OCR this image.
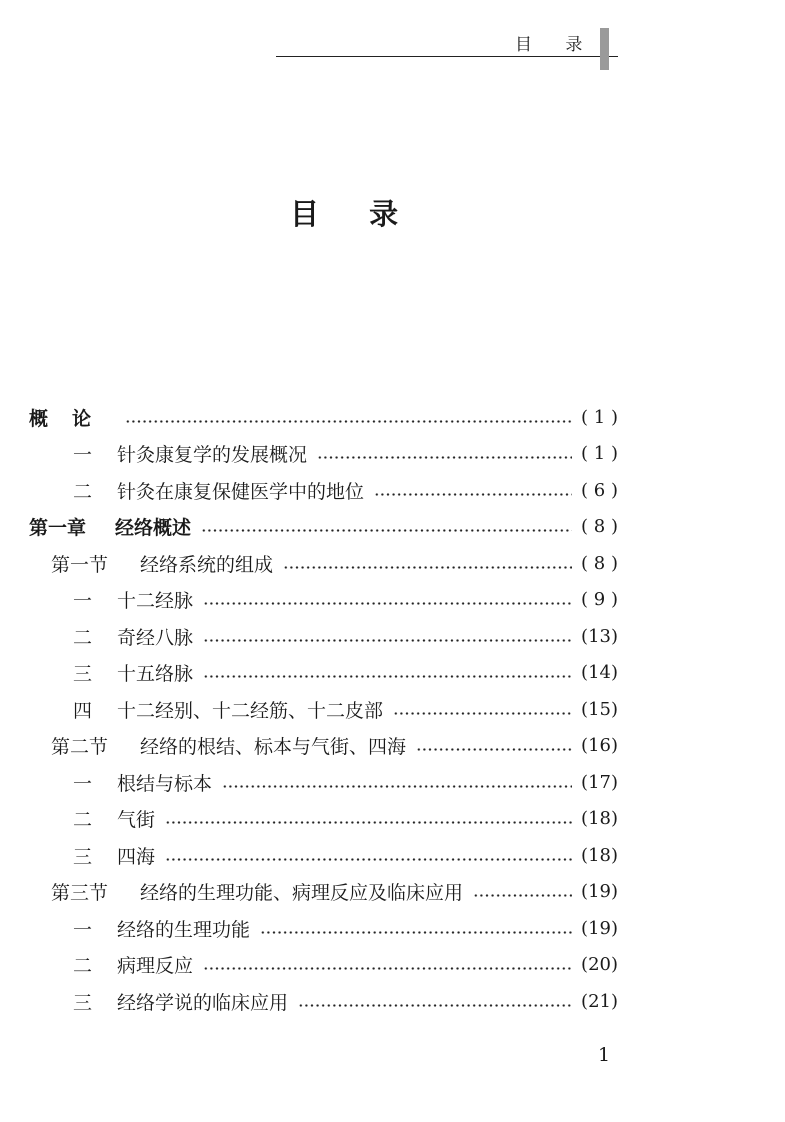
目 录
目 录
概论	( 1 )
一	针灸康复学的发展概况	( 1 )
二	针灸在康复保健医学中的地位	( 6 )
第一章	经络概述	( 8 )
第一节	经络系统的组成	( 8 )
一	十二经脉	( 9 )
二	奇经八脉	(13)
三	十五络脉	(14)
四	十二经别、十二经筋、十二皮部	(15)
第二节	经络的根结、标本与气街、四海	(16)
一	根结与标本	(17)
二	气街	(18)
三	四海	(18)
第三节	经络的生理功能、病理反应及临床应用	(19)
一	经络的生理功能	(19)
二	病理反应	(20)
三	经络学说的临床应用	(21)
1
